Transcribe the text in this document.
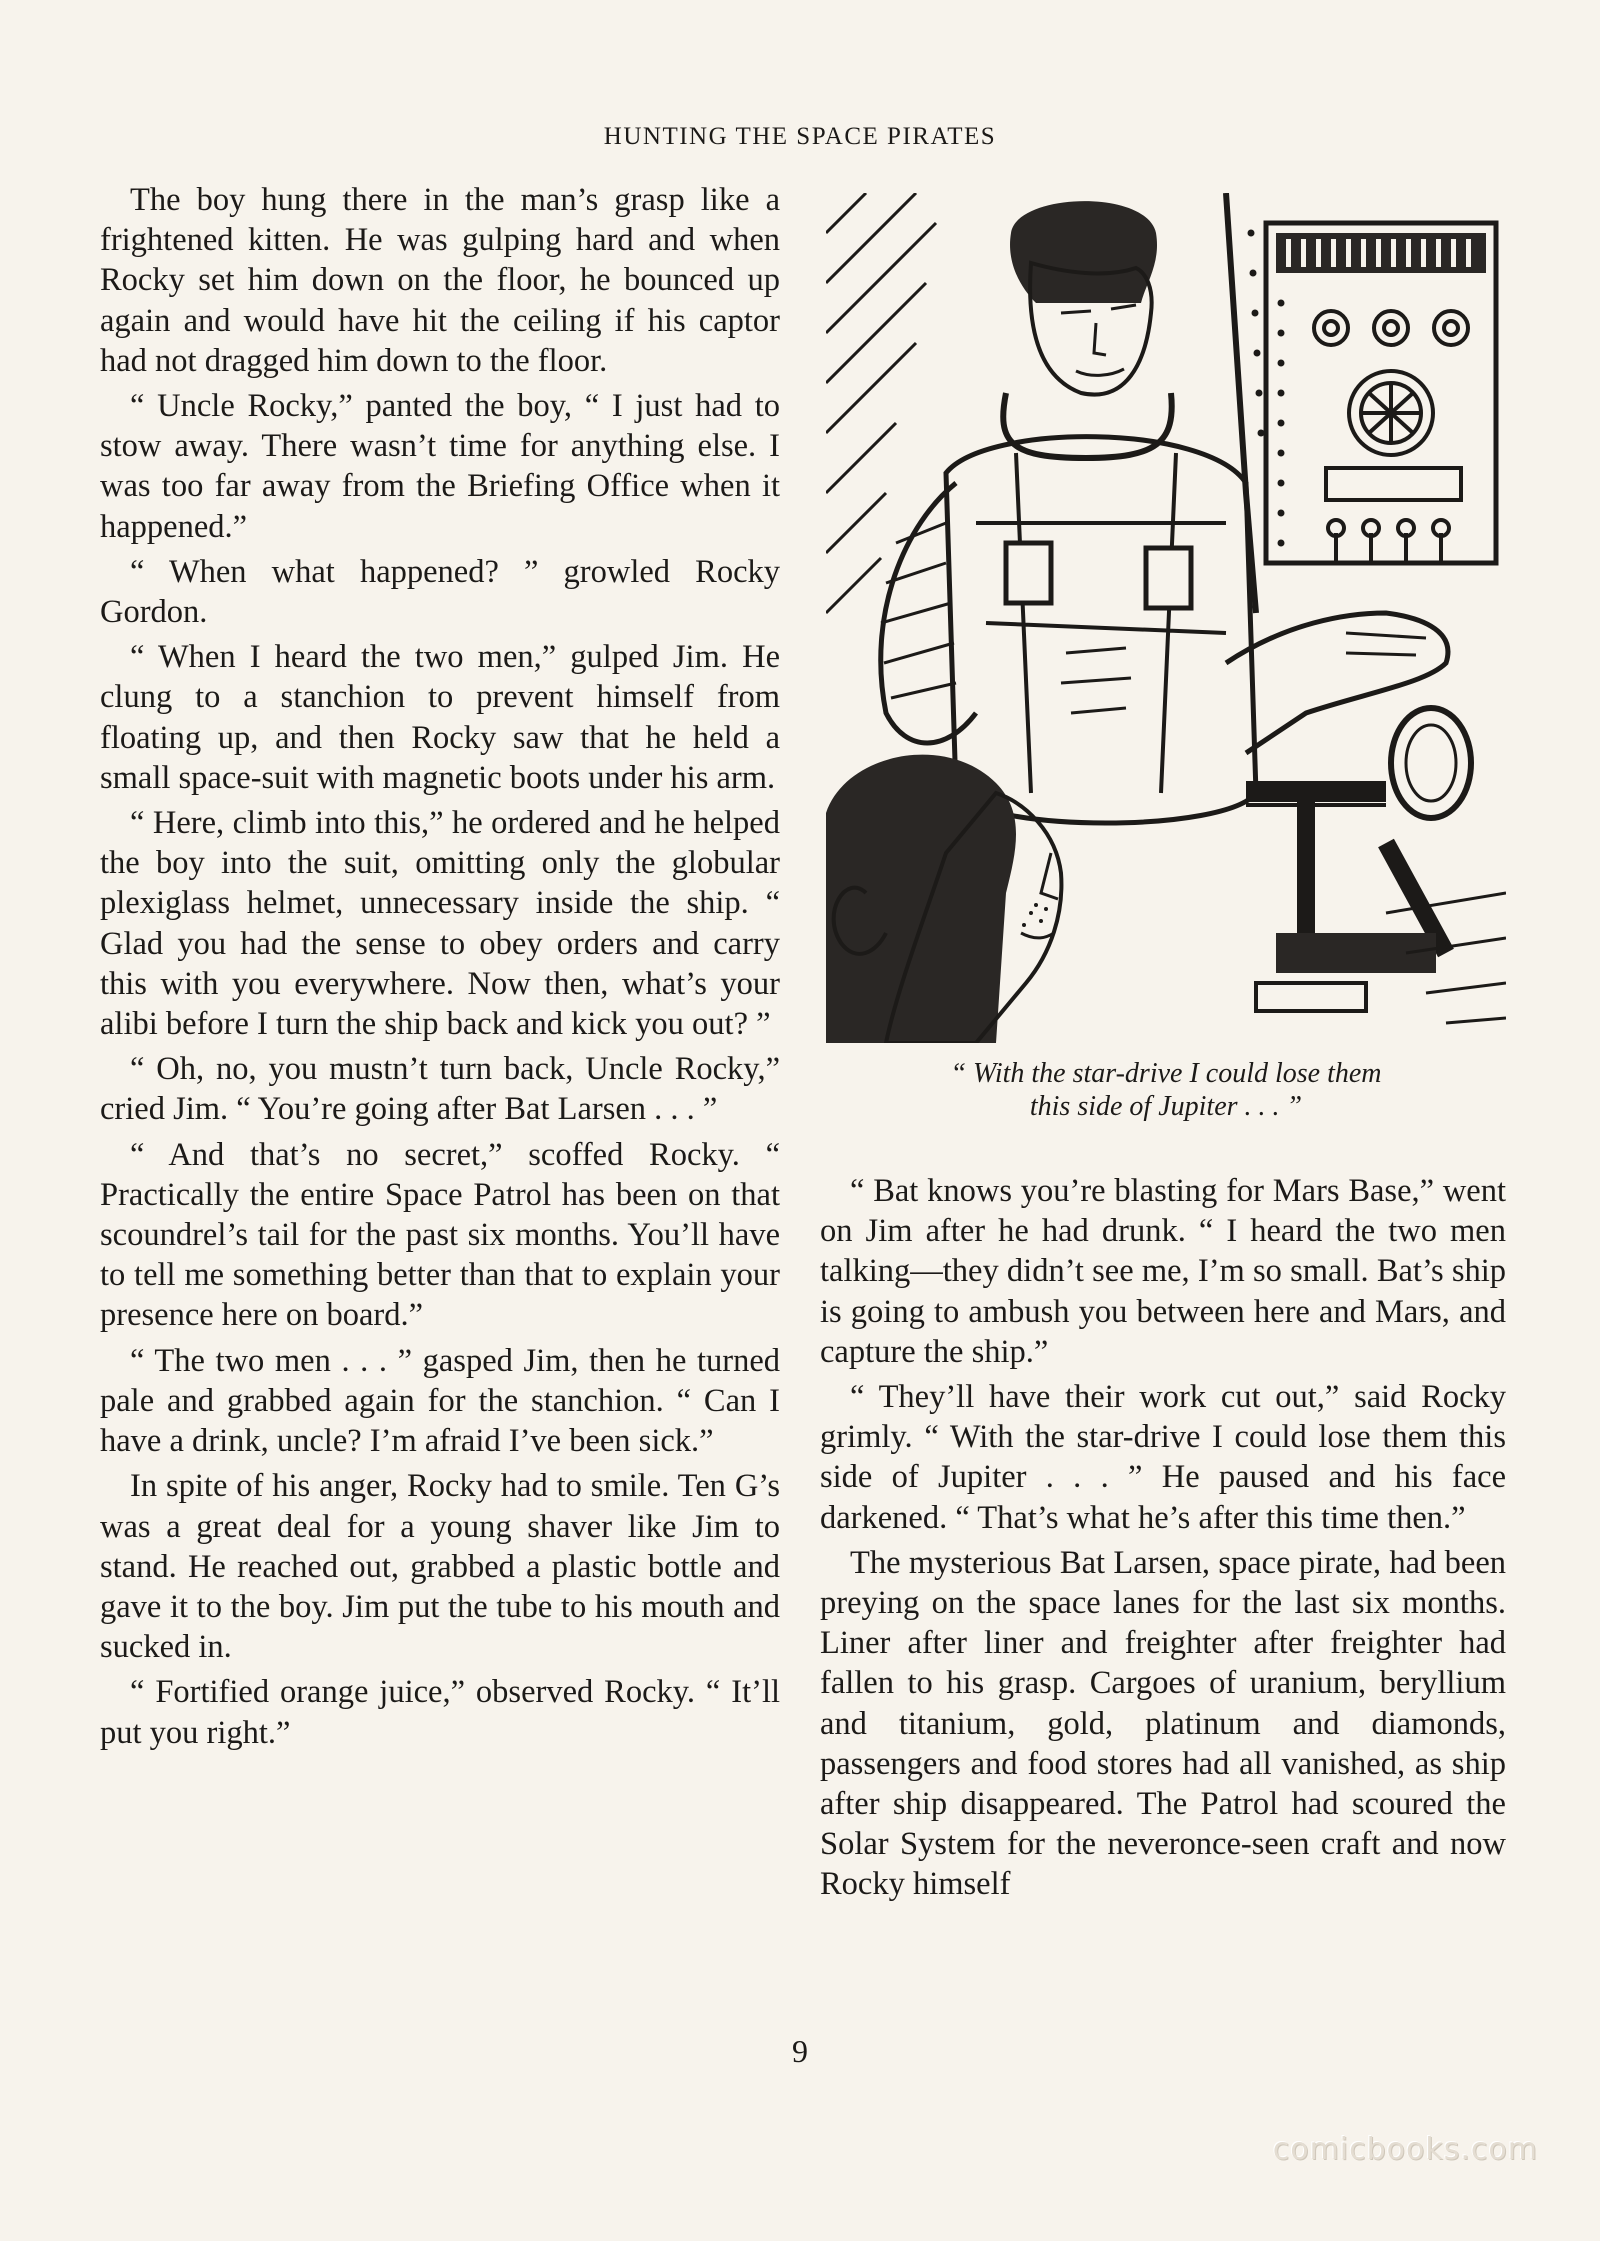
HUNTING THE SPACE PIRATES

The boy hung there in the man’s grasp like a frightened kitten. He was gulping hard and when Rocky set him down on the floor, he bounced up again and would have hit the ceiling if his captor had not dragged him down to the floor.

“ Uncle Rocky,” panted the boy, “ I just had to stow away. There wasn’t time for anything else. I was too far away from the Briefing Office when it happened.”

“ When what happened? ” growled Rocky Gordon.

“ When I heard the two men,” gulped Jim. He clung to a stanchion to prevent himself from floating up, and then Rocky saw that he held a small space-suit with magnetic boots under his arm.

“ Here, climb into this,” he ordered and he helped the boy into the suit, omitting only the globular plexiglass helmet, unnecessary inside the ship. “ Glad you had the sense to obey orders and carry this with you everywhere. Now then, what’s your alibi before I turn the ship back and kick you out? ”

“ Oh, no, you mustn’t turn back, Uncle Rocky,” cried Jim. “ You’re going after Bat Larsen . . . ”

“ And that’s no secret,” scoffed Rocky. “ Practically the entire Space Patrol has been on that scoundrel’s tail for the past six months. You’ll have to tell me something better than that to explain your presence here on board.”

“ The two men . . . ” gasped Jim, then he turned pale and grabbed again for the stanchion. “ Can I have a drink, uncle? I’m afraid I’ve been sick.”

In spite of his anger, Rocky had to smile. Ten G’s was a great deal for a young shaver like Jim to stand. He reached out, grabbed a plastic bottle and gave it to the boy. Jim put the tube to his mouth and sucked in.

“ Fortified orange juice,” observed Rocky. “ It’ll put you right.”

“ With the star-drive I could lose them
this side of Jupiter . . . ”

“ Bat knows you’re blasting for Mars Base,” went on Jim after he had drunk. “ I heard the two men talking—they didn’t see me, I’m so small. Bat’s ship is going to ambush you between here and Mars, and capture the ship.”

“ They’ll have their work cut out,” said Rocky grimly. “ With the star-drive I could lose them this side of Jupiter . . . ” He paused and his face darkened. “ That’s what he’s after this time then.”

The mysterious Bat Larsen, space pirate, had been preying on the space lanes for the last six months. Liner after liner and freighter after freighter had fallen to his grasp. Cargoes of uranium, beryllium and titanium, gold, platinum and diamonds, passengers and food stores had all vanished, as ship after ship disappeared. The Patrol had scoured the Solar System for the neveronce-seen craft and now Rocky himself

9
comicbooks.com
